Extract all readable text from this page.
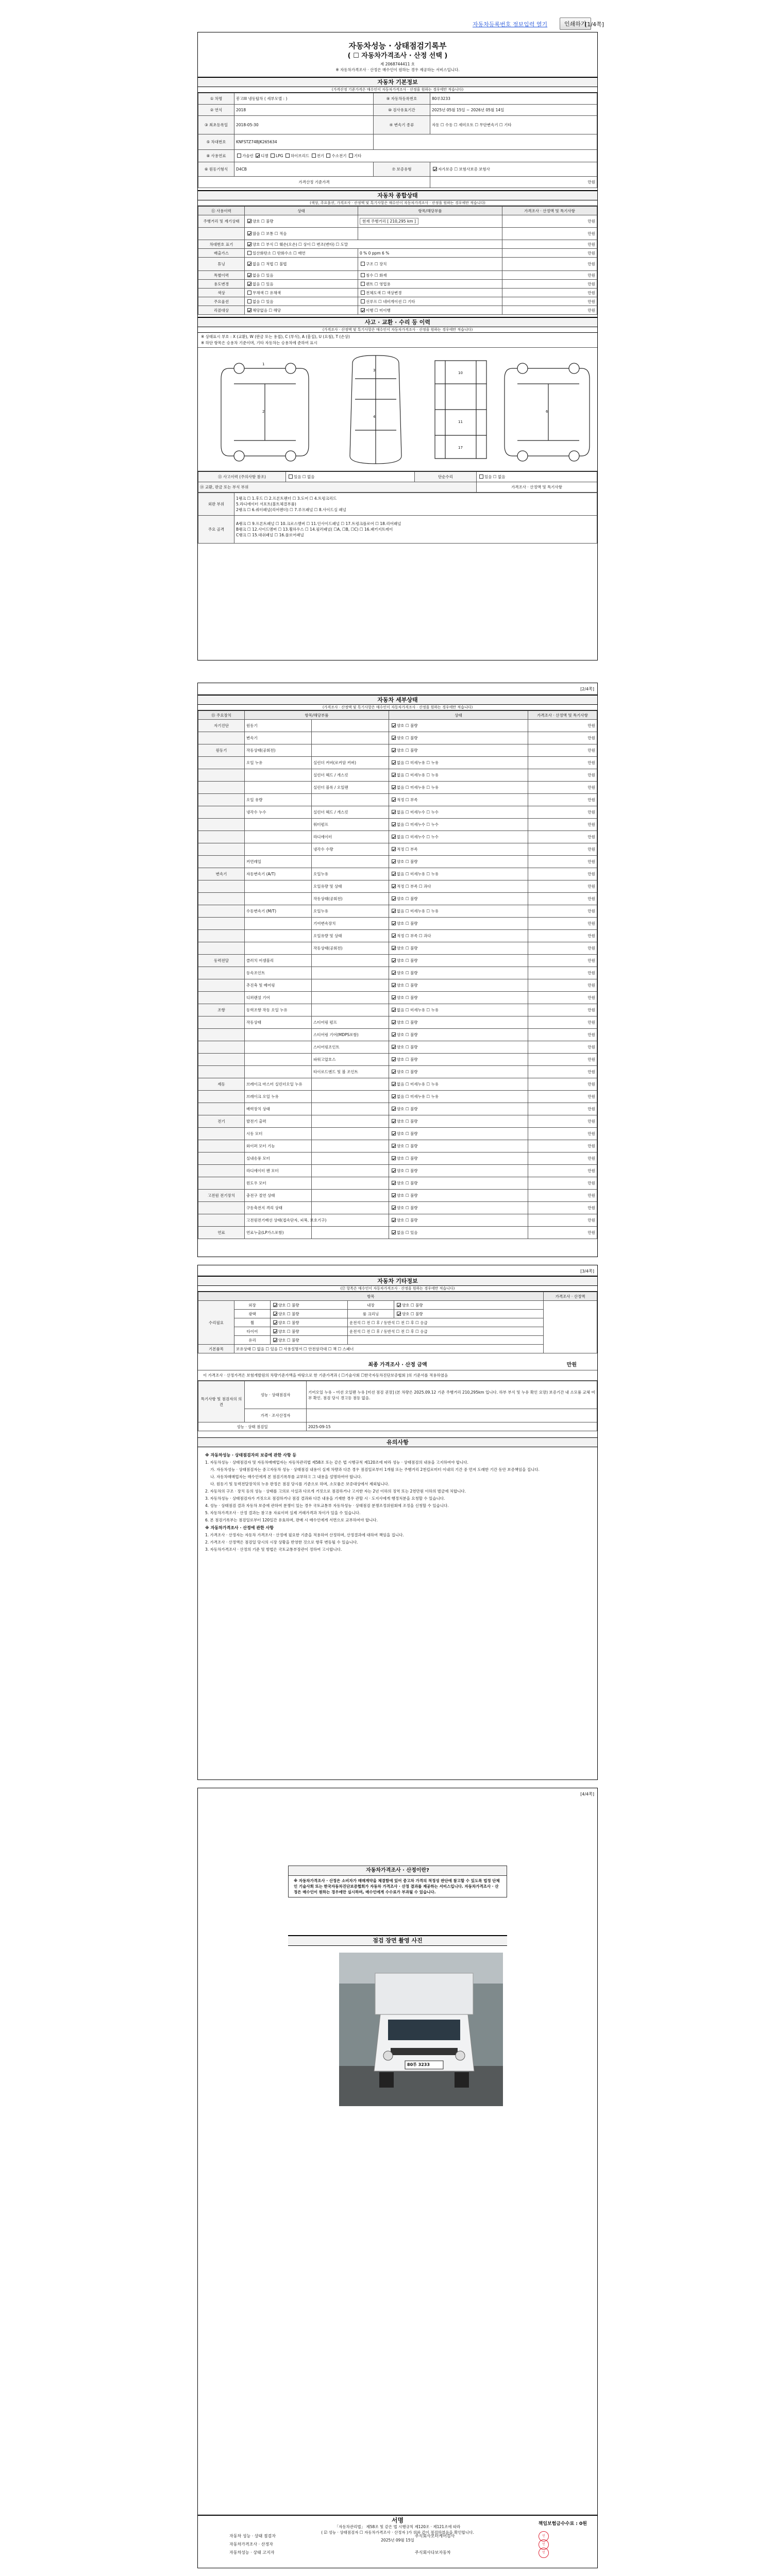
자동차등록번호 정보입력 열기	인쇄하기
[1/4쪽]
자동차성능 · 상태점검기록부
( ☐ 자동차가격조사 · 산정 선택 )
제 2068744411 호
※ 자동차가격조사 · 산정은 매수인이 원하는 경우 제공하는 서비스입니다.
자동차 기본정보
(가격산정 기준가격은 매수인이 자동차가격조사 · 산정을 원하는 경우에만 적습니다)
① 차명	봉고III 냉동탑차 ( 세부모델 : )	⑨ 자동차등록번호	80루3233
② 연식	2018	⑩ 검사유효기간	2025년 05월 15일 ~ 2026년 05월 14일
③ 최초등록일	2018-05-30	④ 변속기 종류	자동 ☐ 수동 ☐ 세미오토 ☐ 무단변속기 ☐ 기타
⑤ 차대번호	KNFSTZ74BJK265634		
⑧ 사용연료	가솔린 디젤 LPG 하이브리드 전기 수소전기 기타		
⑥ 원동기형식	D4CB	⑦ 보증유형	자가보증 ☐ 보험사보증 보험사
가격산정 기준가격			만원
자동차 종합상태
(색상, 주요옵션, 가격조사 · 산정액 및 특기사항은 매수인이 자동차가격조사 · 산정을 원하는 경우에만 적습니다)
⑪ 사용이력	상태	항목/해당부품	가격조사 · 산정액 및 특기사항
주행거리 및 계기상태	양호 ☐ 불량	현재 주행거리 [ 210,295 km ]	만원
	많음 ☐ 보통 ☐ 적음		만원
차대번호 표기	양호 ☐ 부식 ☐ 훼손(오손) ☐ 상이 ☐ 변조(변타) ☐ 도말		만원
배출가스	일산화탄소 ☐ 탄화수소 ☐ 매연	0 % 0 ppm 6 %	만원
튜닝	없음 ☐ 적법 ☐ 불법	구조 ☐ 장치	만원
특별이력	없음 ☐ 있음	침수 ☐ 화재	만원
용도변경	없음 ☐ 있음	렌트 ☐ 영업용	만원
색상	무채색 ☐ 유채색	전체도색 ☐ 색상변경	만원
주요옵션	없음 ☐ 있음	선루프 ☐ 네비게이션 ☐ 기타	만원
리콜대상	해당없음 ☐ 해당	이행 ☐ 미이행	만원
사고 · 교환 · 수리 등 이력
(가격조사 · 산정액 및 특기사항은 매수인이 자동차가격조사 · 산정을 원하는 경우에만 적습니다)
※ 상태표시 부호 : X (교환), W (판금 또는 용접), C (부식), A (흠집), U (요철), T (손상)
※ 하단 항목은 승용차 기준이며, 기타 자동차는 승용차에 준하여 표시
1
2
3
4
10
11
17
6
⑬ 사고이력 (주의사항 참조)	있음 ☐ 없음	단순수리	있음 ☐ 없음
⑭ 교환, 판금 또는 부식 부위			가격조사 · 산정액 및 특기사항
외판 부위	1랭크 ☐ 1.후드 ☐ 2.프론트펜더 ☐ 3.도어 ☐ 4.트렁크리드
5.라디에이터 서포트(볼트체결부품)
2랭크 ☐ 6.쿼터패널(리어펜더) ☐ 7.루프패널 ☐ 8.사이드실 패널

주요 골격	A랭크 ☐ 9.프론트패널 ☐ 10.크로스멤버 ☐ 11.인사이드패널 ☐ 17.트렁크플로어 ☐ 18.리어패널
B랭크 ☐ 12.사이드멤버 ☐ 13.휠하우스 ☐ 14.필러패널( ☐A, ☐B, ☐C) ☐ 16.패키지트레이
C랭크 ☐ 15.대쉬패널 ☐ 16.플로어패널
[2/4쪽]
자동차 세부상태
(가격조사 · 산정액 및 특기사항은 매수인이 자동차가격조사 · 산정을 원하는 경우에만 적습니다)
⑮ 주요장치	항목/해당부품		상태	가격조사 · 산정액 및 특기사항
자기진단	원동기		양호 ☐ 불량	만원
	변속기		양호 ☐ 불량	만원
원동기	작동상태(공회전)		양호 ☐ 불량	만원
	오일 누유	실린더 커버(로커암 커버)	없음 ☐ 미세누유 ☐ 누유	만원
		실린더 헤드 / 개스킷	없음 ☐ 미세누유 ☐ 누유	만원
		실린더 블록 / 오일팬	없음 ☐ 미세누유 ☐ 누유	만원
	오일 유량		적정 ☐ 부족	만원
	냉각수 누수	실린더 헤드 / 개스킷	없음 ☐ 미세누수 ☐ 누수	만원
		워터펌프	없음 ☐ 미세누수 ☐ 누수	만원
		라디에이터	없음 ☐ 미세누수 ☐ 누수	만원
		냉각수 수량	적정 ☐ 부족	만원
	커먼레일		양호 ☐ 불량	만원
변속기	자동변속기 (A/T)	오일누유	없음 ☐ 미세누유 ☐ 누유	만원
		오일유량 및 상태	적정 ☐ 부족 ☐ 과다	만원
		작동상태(공회전)	양호 ☐ 불량	만원
	수동변속기 (M/T)	오일누유	없음 ☐ 미세누유 ☐ 누유	만원
		기어변속장치	양호 ☐ 불량	만원
		오일유량 및 상태	적정 ☐ 부족 ☐ 과다	만원
		작동상태(공회전)	양호 ☐ 불량	만원
동력전달	클러치 어셈블리		양호 ☐ 불량	만원
	등속조인트		양호 ☐ 불량	만원
	추진축 및 베어링		양호 ☐ 불량	만원
	디퍼렌셜 기어		양호 ☐ 불량	만원
조향	동력조향 작동 오일 누유		없음 ☐ 미세누유 ☐ 누유	만원
	작동상태	스티어링 펌프	양호 ☐ 불량	만원
		스티어링 기어(MDPS포함)	양호 ☐ 불량	만원
		스티어링조인트	양호 ☐ 불량	만원
		파워고압호스	양호 ☐ 불량	만원
		타이로드엔드 및 볼 조인트	양호 ☐ 불량	만원
제동	브레이크 마스터 실린더오일 누유		없음 ☐ 미세누유 ☐ 누유	만원
	브레이크 오일 누유		없음 ☐ 미세누유 ☐ 누유	만원
	배력장치 상태		양호 ☐ 불량	만원
전기	발전기 출력		양호 ☐ 불량	만원
	시동 모터		양호 ☐ 불량	만원
	와이퍼 모터 기능		양호 ☐ 불량	만원
	실내송풍 모터		양호 ☐ 불량	만원
	라디에이터 팬 모터		양호 ☐ 불량	만원
	윈도우 모터		양호 ☐ 불량	만원
고전원 전기장치	충전구 절연 상태		양호 ☐ 불량	만원
	구동축전지 격리 상태		양호 ☐ 불량	만원
	고전원전기배선 상태(접속단자, 피복, 보호기구)		양호 ☐ 불량	만원
연료	연료누출(LP가스포함)		없음 ☐ 있음	만원
[3/4쪽]
자동차 기타정보
(⑰ 항목은 매수인이 자동차가격조사 · 산정을 원하는 경우에만 적습니다)
항목					가격조사 · 산정액
수리필요	외장	양호 ☐ 불량	내장	양호 ☐ 불량	
	광택	양호 ☐ 불량	룸 크리닝	양호 ☐ 불량	
	휠	양호 ☐ 불량	운전석 ☐ 전 ☐ 후 / 동반석 ☐ 전 ☐ 후 ☐ 응급		
	타이어	양호 ☐ 불량	운전석 ☐ 전 ☐ 후 / 동반석 ☐ 전 ☐ 후 ☐ 응급		
	유리	양호 ☐ 불량			
기본품목	보유상태 ☐ 없음 ☐ 있음 ☐ 사용설명서 ☐ 안전삼각대 ☐ 잭 ☐ 스패너				
최종 가격조사 · 산정 금액	만원
이 가격조사 · 산정가격은 보험개발원의 차량기준가액을 바탕으로 한 기준가격과 ( ☐기술사회 ☐한국자동차진단보증협회 )의 기준서를 적용하였음
특기사항 및 점검자의 의견	성능 · 상태점검자	기어오일 누유 – 미션 오일팬 누유 [미션 점검 권장] (본 차량은 2025.09.12 기준 주행거리 210,295km 입니다. 하부 부식 및 누유 확인 요망) 보증기간 내 소모품 교체 여부 확인. 점검 당시 경고등 점등 없음.
	가격 · 조사산정자	
성능 · 상태 점검일		2025-09-15
유의사항
※ 자동차성능 · 상태점검자의 보증에 관한 사항 등

1. 자동차성능 · 상태점검자 및 자동차매매업자는 자동차관리법 제58조 또는 같은 법 시행규칙 제120조에 따라 성능 · 상태점검의 내용을 고지하여야 합니다.

가. 자동차성능 · 상태점검자는 중고자동차 성능 · 상태점검 내용이 실제 차량과 다른 경우 점검일로부터 1개월 또는 주행거리 2천킬로미터 이내의 기간 중 먼저 도래한 기간 동안 보증책임을 집니다.

나. 자동차매매업자는 매수인에게 본 점검기록부를 교부하고 그 내용을 설명하여야 합니다.

다. 원동기 및 동력전달장치의 누유 판정은 점검 당시를 기준으로 하며, 소모품은 보증대상에서 제외됩니다.

2. 자동차의 구조 · 장치 등의 성능 · 상태를 고의로 사실과 다르게 거짓으로 점검하거나 고지한 자는 2년 이하의 징역 또는 2천만원 이하의 벌금에 처합니다.

3. 자동차성능 · 상태점검자가 거짓으로 점검하거나 점검 결과와 다른 내용을 기재한 경우 관할 시 · 도지사에게 행정처분을 요청할 수 있습니다.

4. 성능 · 상태점검 결과 자동차 보증에 관하여 분쟁이 있는 경우 국토교통부 자동차성능 · 상태점검 분쟁조정위원회에 조정을 신청할 수 있습니다.

5. 자동차가격조사 · 산정 결과는 참고용 자료이며 실제 거래가격과 차이가 있을 수 있습니다.

6. 본 점검기록부는 점검일로부터 120일간 유효하며, 판매 시 매수인에게 서면으로 교부하여야 합니다.

※ 자동차가격조사 · 산정에 관한 사항

1. 가격조사 · 산정자는 자동차 가격조사 · 산정에 필요한 기준을 적용하여 산정하며, 산정결과에 대하여 책임을 집니다.

2. 가격조사 · 산정액은 점검일 당시의 시장 상황을 반영한 것으로 향후 변동될 수 있습니다.

3. 자동차가격조사 · 산정의 기준 및 방법은 국토교통부장관이 정하여 고시합니다.

[4/4쪽]
자동차가격조사 · 산정이란?
※ 자동차가격조사 · 산정은 소비자가 매매계약을 체결함에 있어 중고차 가격의 적정성 판단에 참고할 수 있도록 법정 단체인 기술사회 또는 한국자동차진단보증협회가 자동차 가격조사 · 산정 결과를 제공하는 서비스입니다. 자동차가격조사 · 산정은 매수인이 원하는 경우에만 실시하며, 매수인에게 수수료가 부과될 수 있습니다.
점검 장면 촬영 사진
서명
「자동차관리법」 제58조 및 같은 법 시행규칙 제120조 · 제121조에 따라
( ☑ 성능 · 상태점검자 ☐ 자동차가격조사 · 산정자 )가 위와 같이 점검하였음을 확인합니다.
2025년 09월 15일
책임보험금수수료 : 0원
80루 3233
자동차 성능 · 상태 점검자	주식회사모터케어검사	인
자동차가격조사 · 산정자	인
자동차성능 · 상태 고지자	주식회사다보자동차	인
